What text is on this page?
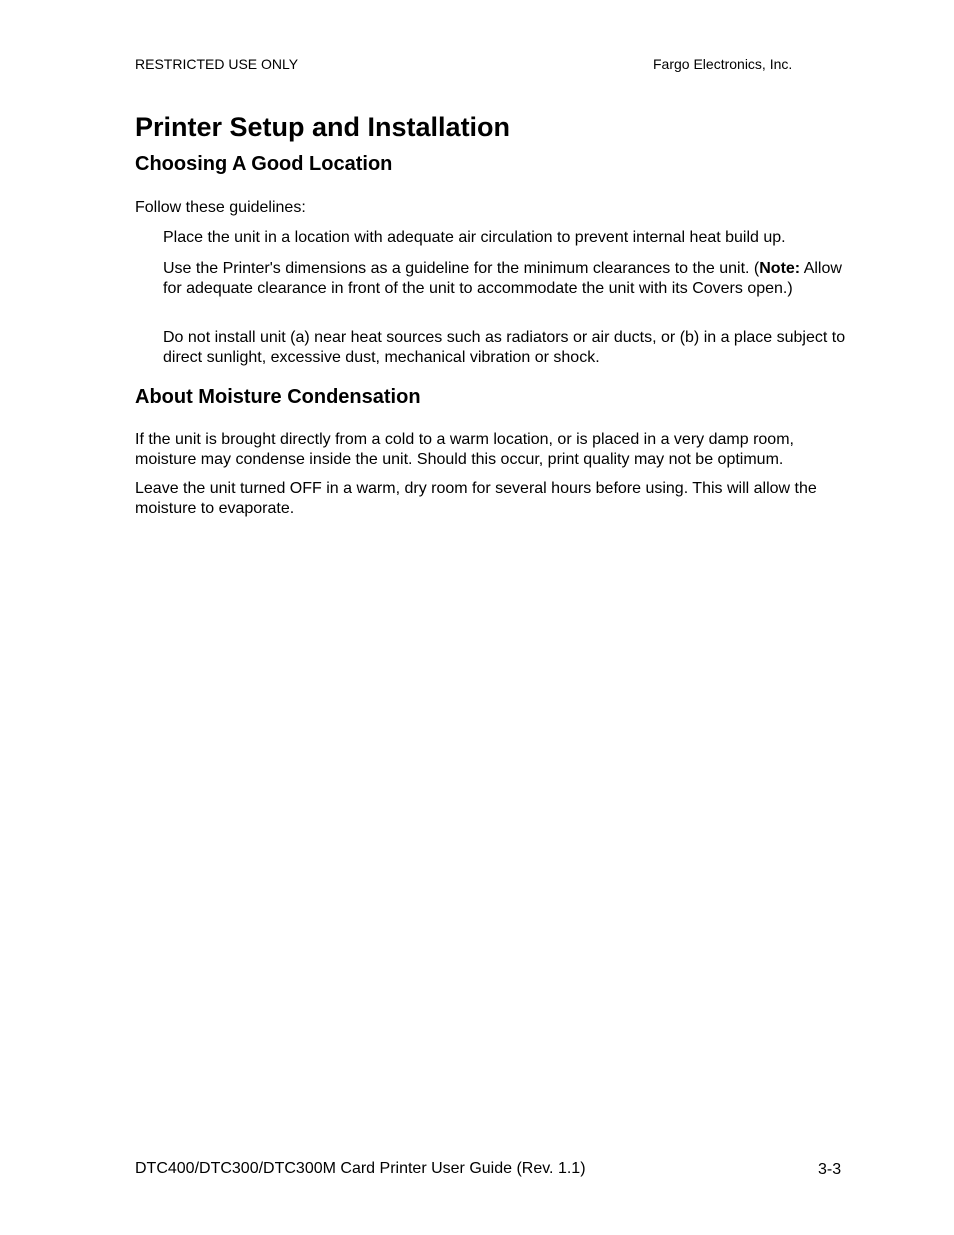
RESTRICTED USE ONLY	Fargo Electronics, Inc.
Printer Setup and Installation
Choosing A Good Location

Follow these guidelines:

Place the unit in a location with adequate air circulation to prevent internal heat build up.

Use the Printer's dimensions as a guideline for the minimum clearances to the unit. (Note: Allow for adequate clearance in front of the unit to accommodate the unit with its Covers open.)

Do not install unit (a) near heat sources such as radiators or air ducts, or (b) in a place subject to direct sunlight, excessive dust, mechanical vibration or shock.

About Moisture Condensation

If the unit is brought directly from a cold to a warm location, or is placed in a very damp room, moisture may condense inside the unit. Should this occur, print quality may not be optimum.

Leave the unit turned OFF in a warm, dry room for several hours before using. This will allow the moisture to evaporate.

DTC400/DTC300/DTC300M Card Printer User Guide (Rev. 1.1)	3-3
